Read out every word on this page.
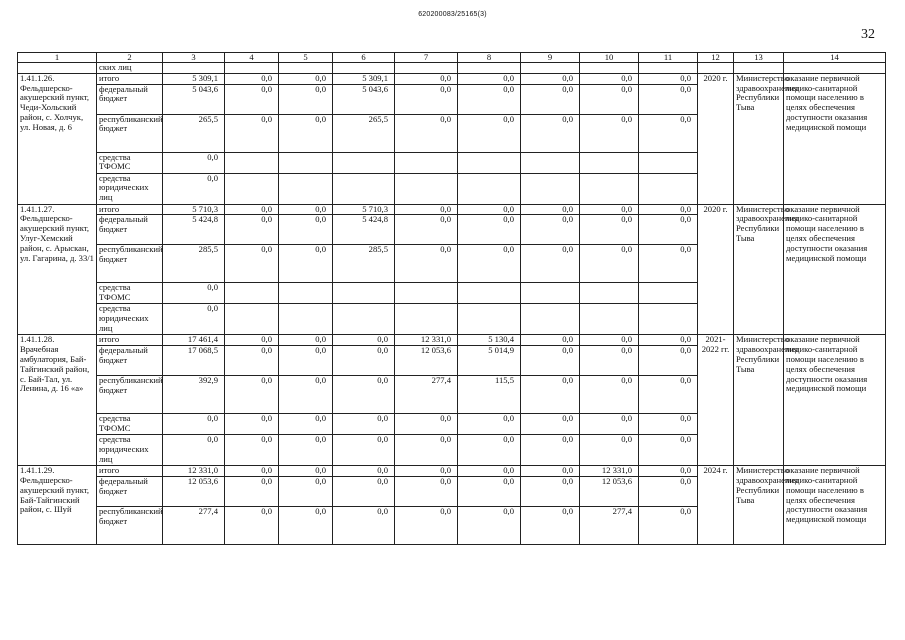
620200083/25165(3)
32
1	2	3	4	5	6	7	8	9	10	11	12	13	14
	ских лиц												
1.41.1.26. Фельдшерско-акушерский пункт, Чеди-Хольский район, с. Холчук, ул. Новая, д. 6	итого	5 309,1	0,0	0,0	5 309,1	0,0	0,0	0,0	0,0	0,0	2020 г.	Министерство здравоохранения Республики Тыва	оказание первичной медико-санитарной помощи населению в целях обеспечения доступности оказания медицинской помощи
	федеральный бюджет	5 043,6	0,0	0,0	5 043,6	0,0	0,0	0,0	0,0	0,0			
	республиканский бюджет	265,5	0,0	0,0	265,5	0,0	0,0	0,0	0,0	0,0			
	средства ТФОМС	0,0											
	средства юридических лиц	0,0											
1.41.1.27. Фельдшерско-акушерский пункт, Улуг-Хемский район, с. Арыскан, ул. Гагарина, д. 33/1	итого	5 710,3	0,0	0,0	5 710,3	0,0	0,0	0,0	0,0	0,0	2020 г.	Министерство здравоохранения Республики Тыва	оказание первичной медико-санитарной помощи населению в целях обеспечения доступности оказания медицинской помощи
	федеральный бюджет	5 424,8	0,0	0,0	5 424,8	0,0	0,0	0,0	0,0	0,0			
	республиканский бюджет	285,5	0,0	0,0	285,5	0,0	0,0	0,0	0,0	0,0			
	средства ТФОМС	0,0											
	средства юридических лиц	0,0											
1.41.1.28. Врачебная амбулатория, Бай-Тайгинский район, с. Бай-Тал, ул. Ленина, д. 16 «а»	итого	17 461,4	0,0	0,0	0,0	12 331,0	5 130,4	0,0	0,0	0,0	2021-2022 гг.	Министерство здравоохранения Республики Тыва	оказание первичной медико-санитарной помощи населению в целях обеспечения доступности оказания медицинской помощи
	федеральный бюджет	17 068,5	0,0	0,0	0,0	12 053,6	5 014,9	0,0	0,0	0,0			
	республиканский бюджет	392,9	0,0	0,0	0,0	277,4	115,5	0,0	0,0	0,0			
	средства ТФОМС	0,0	0,0	0,0	0,0	0,0	0,0	0,0	0,0	0,0			
	средства юридических лиц	0,0	0,0	0,0	0,0	0,0	0,0	0,0	0,0	0,0			
1.41.1.29. Фельдшерско-акушерский пункт, Бай-Тайгинский район, с. Шуй	итого	12 331,0	0,0	0,0	0,0	0,0	0,0	0,0	12 331,0	0,0	2024 г.	Министерство здравоохранения Республики Тыва	оказание первичной медико-санитарной помощи населению в целях обеспечения доступности оказания медицинской помощи
	федеральный бюджет	12 053,6	0,0	0,0	0,0	0,0	0,0	0,0	12 053,6	0,0			
	республиканский бюджет	277,4	0,0	0,0	0,0	0,0	0,0	0,0	277,4	0,0			
